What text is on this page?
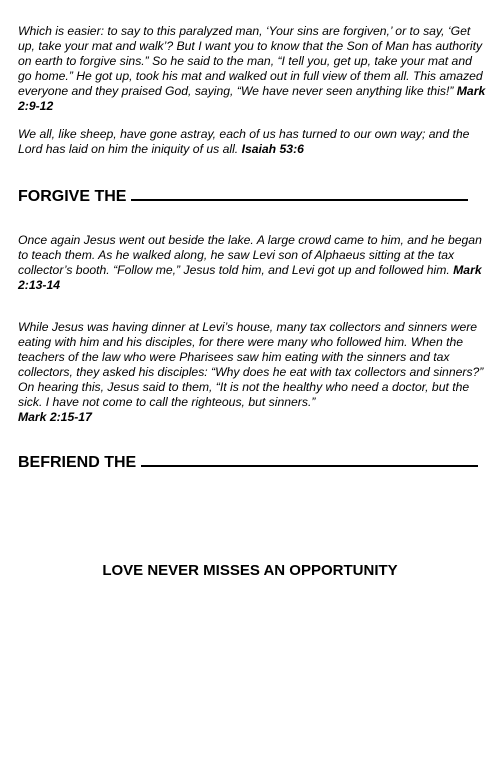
Which is easier: to say to this paralyzed man, ‘Your sins are forgiven,’ or to say, ‘Get up, take your mat and walk’? But I want you to know that the Son of Man has authority on earth to forgive sins.” So he said to the man, “I tell you, get up, take your mat and go home.” He got up, took his mat and walked out in full view of them all. This amazed everyone and they praised God, saying, “We have never seen anything like this!” Mark 2:9-12

We all, like sheep, have gone astray, each of us has turned to our own way; and the Lord has laid on him the iniquity of us all. Isaiah 53:6

FORGIVE THE

Once again Jesus went out beside the lake. A large crowd came to him, and he began to teach them. As he walked along, he saw Levi son of Alphaeus sitting at the tax collector’s booth. “Follow me,” Jesus told him, and Levi got up and followed him. Mark 2:13-14

While Jesus was having dinner at Levi’s house, many tax collectors and sinners were eating with him and his disciples, for there were many who followed him. When the teachers of the law who were Pharisees saw him eating with the sinners and tax collectors, they asked his disciples: “Why does he eat with tax collectors and sinners?” On hearing this, Jesus said to them, “It is not the healthy who need a doctor, but the sick. I have not come to call the righteous, but sinners.”
Mark 2:15-17

BEFRIEND THE
LOVE NEVER MISSES AN OPPORTUNITY
